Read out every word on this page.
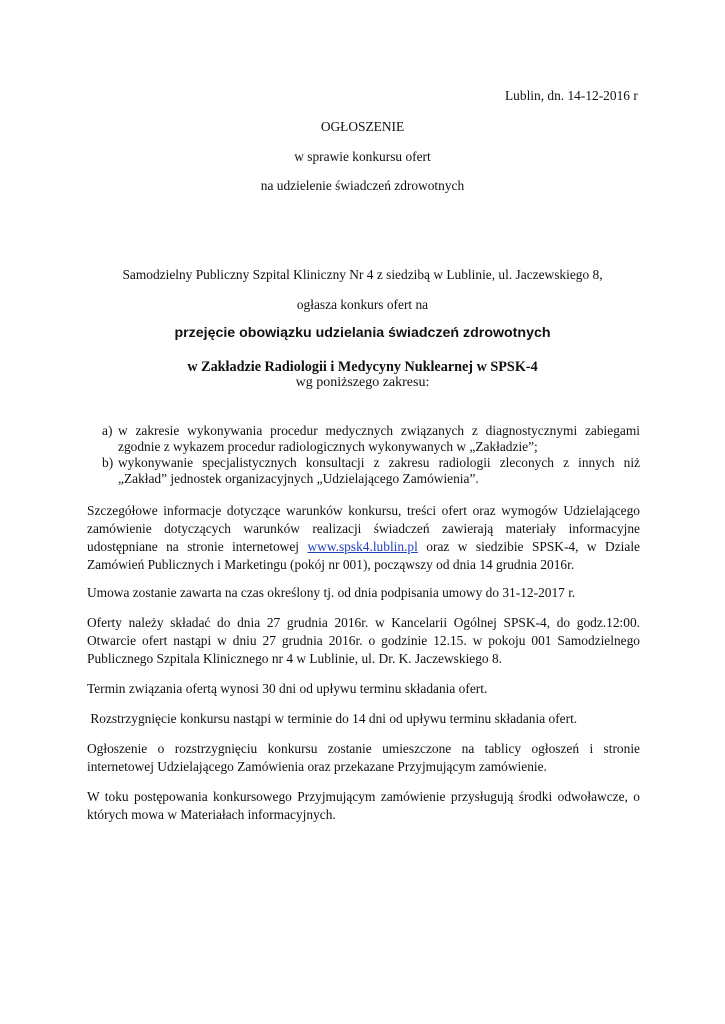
Lublin, dn. 14-12-2016 r
OGŁOSZENIE
w sprawie konkursu ofert
na udzielenie świadczeń zdrowotnych
Samodzielny Publiczny Szpital Kliniczny Nr 4 z siedzibą w Lublinie, ul. Jaczewskiego 8,
ogłasza konkurs ofert na
przejęcie obowiązku udzielania świadczeń zdrowotnych
w Zakładzie Radiologii i Medycyny Nuklearnej w SPSK-4
wg poniższego zakresu:
a) w zakresie wykonywania procedur medycznych związanych z diagnostycznymi zabiegami
zgodnie z wykazem procedur radiologicznych wykonywanych w „Zakładzie”;
b) wykonywanie specjalistycznych konsultacji z zakresu radiologii zleconych z innych niż
„Zakład” jednostek organizacyjnych „Udzielającego Zamówienia”.
Szczegółowe informacje dotyczące warunków konkursu, treści ofert oraz wymogów Udzielającego
zamówienie dotyczących warunków realizacji świadczeń zawierają materiały informacyjne
udostępniane na stronie internetowej www.spsk4.lublin.pl oraz w siedzibie SPSK-4, w Dziale
Zamówień Publicznych i Marketingu (pokój nr 001), począwszy od dnia 14 grudnia 2016r.
Umowa zostanie zawarta na czas określony tj. od dnia podpisania umowy do 31-12-2017 r.
Oferty należy składać do dnia 27 grudnia 2016r. w Kancelarii Ogólnej SPSK-4, do godz.12:00.
Otwarcie ofert nastąpi w dniu 27 grudnia 2016r. o godzinie 12.15. w pokoju 001 Samodzielnego
Publicznego Szpitala Klinicznego nr 4 w Lublinie, ul. Dr. K. Jaczewskiego 8.
Termin związania ofertą wynosi 30 dni od upływu terminu składania ofert.
Rozstrzygnięcie konkursu nastąpi w terminie do 14 dni od upływu terminu składania ofert.
Ogłoszenie o rozstrzygnięciu konkursu zostanie umieszczone na tablicy ogłoszeń i stronie
internetowej Udzielającego Zamówienia oraz przekazane Przyjmującym zamówienie.
W toku postępowania konkursowego Przyjmującym zamówienie przysługują środki odwoławcze, o
których mowa w Materiałach informacyjnych.
